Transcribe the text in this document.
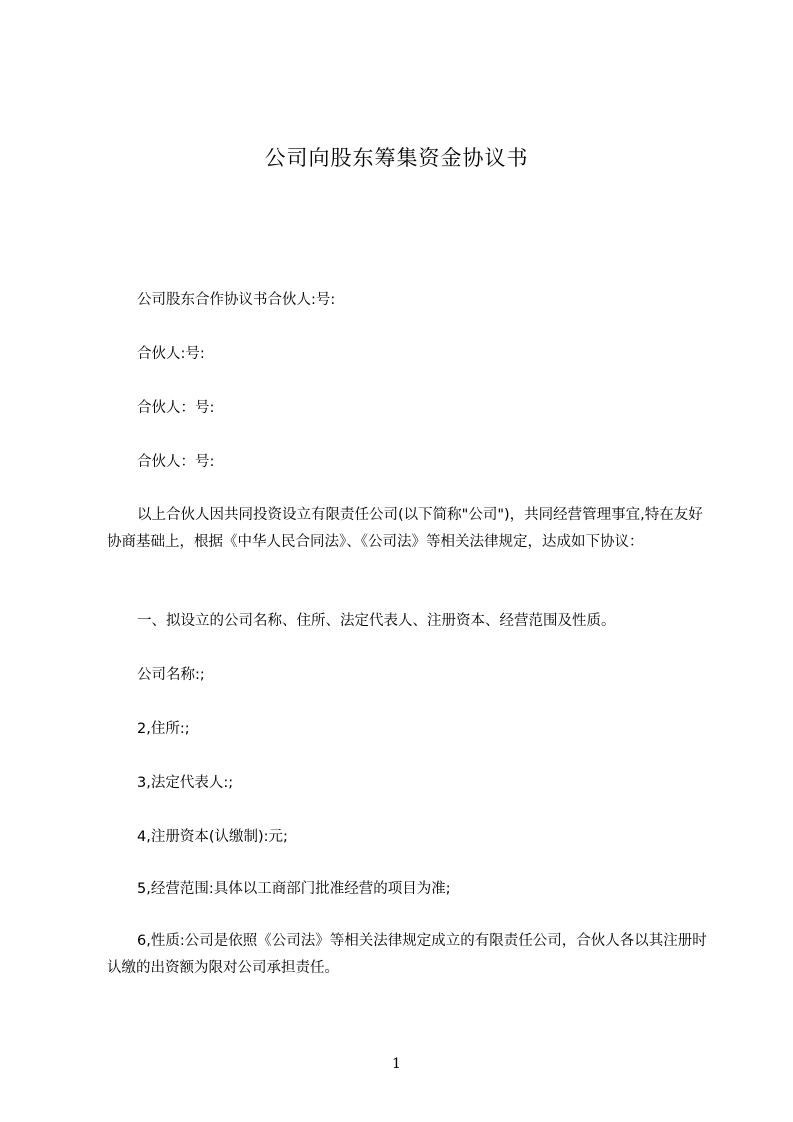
公司向股东筹集资金协议书

公司股东合作协议书合伙人:号:

合伙人:号:

合伙人：号:

合伙人：号:

以上合伙人因共同投资设立有限责任公司(以下简称"公司")，共同经营管理事宜,特在友好协商基础上，根据《中华人民合同法》、《公司法》等相关法律规定，达成如下协议：

一、拟设立的公司名称、住所、法定代表人、注册资本、经营范围及性质。

公司名称:;

2,住所:;

3,法定代表人:;

4,注册资本(认缴制):元;

5,经营范围:具体以工商部门批准经营的项目为准;

6,性质:公司是依照《公司法》等相关法律规定成立的有限责任公司，合伙人各以其注册时认缴的出资额为限对公司承担责任。

1
